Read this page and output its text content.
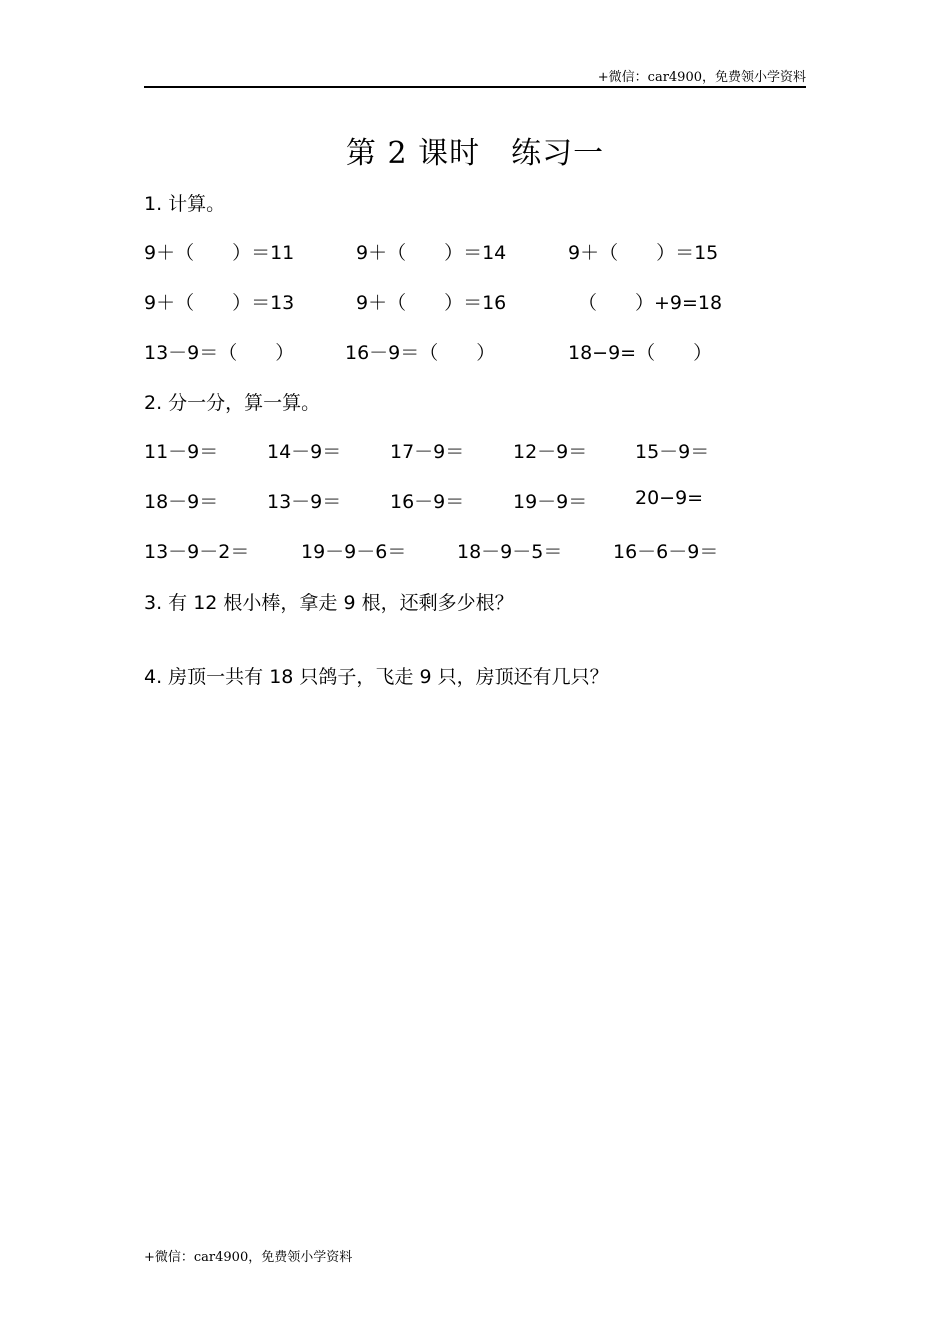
+微信：car4900，免费领小学资料
第 2 课时　练习一
1. 计算。
9＋（　　）＝11	9＋（　　）＝14	9＋（　　）＝15
9＋（　　）＝13	9＋（　　）＝16	（　　）+9=18
13－9＝（　　）	16－9＝（　　）	18−9=（　　）
2. 分一分，算一算。
11－9＝	14－9＝	17－9＝	12－9＝	15－9＝
18－9＝	13－9＝	16－9＝	19－9＝	20−9=
13－9－2＝	19－9－6＝	18－9－5＝	16－6－9＝
3. 有 12 根小棒，拿走 9 根，还剩多少根？
4. 房顶一共有 18 只鸽子，飞走 9 只，房顶还有几只？
+微信：car4900，免费领小学资料
